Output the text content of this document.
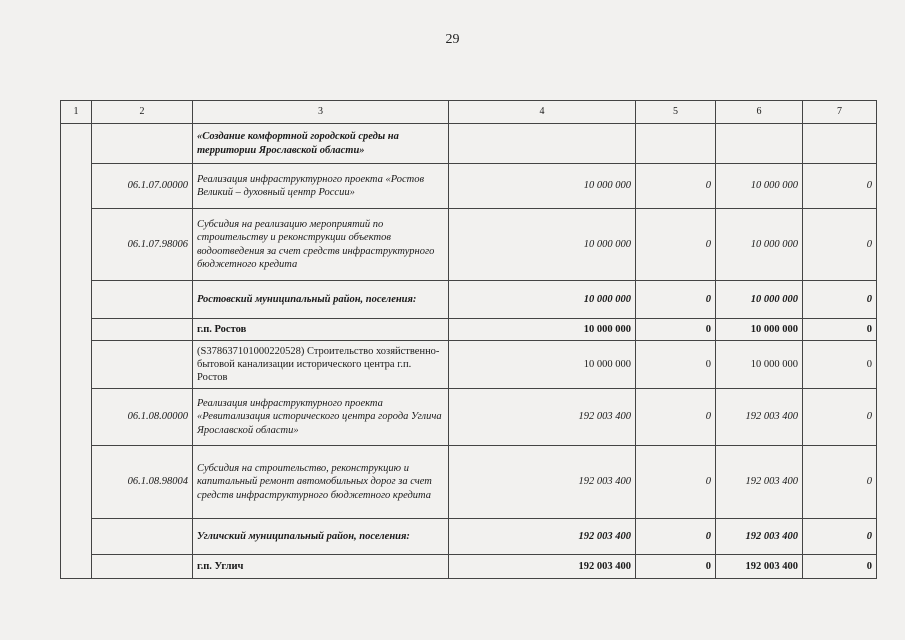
29
1	2	3	4	5	6	7
		«Создание комфортной городской среды на территории Ярославской области»				
	06.1.07.00000	Реализация инфраструктурного проекта «Ростов Великий – духовный центр России»	10 000 000	0	10 000 000	0
	06.1.07.98006	Субсидия на реализацию мероприятий по строительству и реконструкции объектов водоотведения за счет средств инфраструктурного бюджетного кредита	10 000 000	0	10 000 000	0
		Ростовский муниципальный район, поселения:	10 000 000	0	10 000 000	0
		г.п. Ростов	10 000 000	0	10 000 000	0
		(S378637101000220528) Строительство хозяйственно-бытовой канализации исторического центра г.п. Ростов	10 000 000	0	10 000 000	0
	06.1.08.00000	Реализация инфраструктурного проекта «Ревитализация исторического центра города Углича Ярославской области»	192 003 400	0	192 003 400	0
	06.1.08.98004	Субсидия на строительство, реконструкцию и капитальный ремонт автомобильных дорог за счет средств инфраструктурного бюджетного кредита	192 003 400	0	192 003 400	0
		Угличский муниципальный район, поселения:	192 003 400	0	192 003 400	0
		г.п. Углич	192 003 400	0	192 003 400	0
